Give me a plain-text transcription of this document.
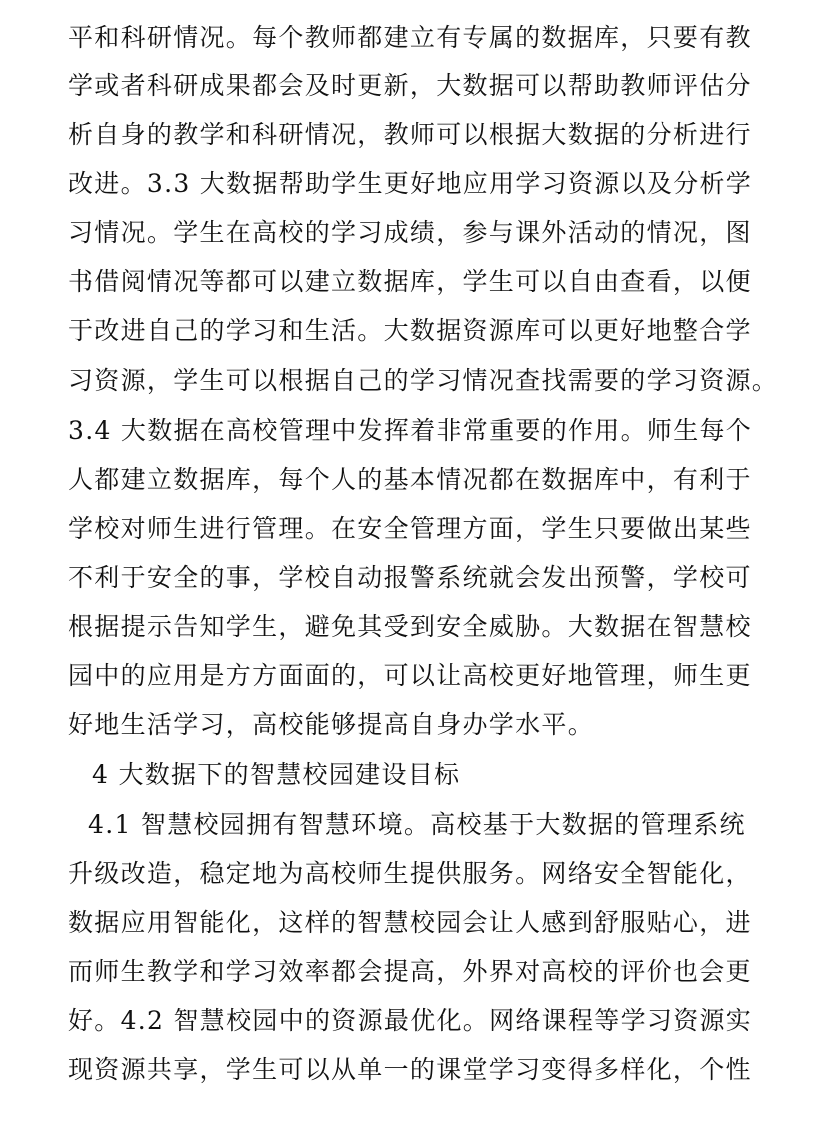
平和科研情况。每个教师都建立有专属的数据库，只要有教
学或者科研成果都会及时更新，大数据可以帮助教师评估分
析自身的教学和科研情况，教师可以根据大数据的分析进行
改进。3.3 大数据帮助学生更好地应用学习资源以及分析学
习情况。学生在高校的学习成绩，参与课外活动的情况，图
书借阅情况等都可以建立数据库，学生可以自由查看，以便
于改进自己的学习和生活。大数据资源库可以更好地整合学
习资源，学生可以根据自己的学习情况查找需要的学习资源。
3.4 大数据在高校管理中发挥着非常重要的作用。师生每个
人都建立数据库，每个人的基本情况都在数据库中，有利于
学校对师生进行管理。在安全管理方面，学生只要做出某些
不利于安全的事，学校自动报警系统就会发出预警，学校可
根据提示告知学生，避免其受到安全威胁。大数据在智慧校
园中的应用是方方面面的，可以让高校更好地管理，师生更
好地生活学习，高校能够提高自身办学水平。
4 大数据下的智慧校园建设目标
4.1 智慧校园拥有智慧环境。高校基于大数据的管理系统
升级改造，稳定地为高校师生提供服务。网络安全智能化，
数据应用智能化，这样的智慧校园会让人感到舒服贴心，进
而师生教学和学习效率都会提高，外界对高校的评价也会更
好。4.2 智慧校园中的资源最优化。网络课程等学习资源实
现资源共享，学生可以从单一的课堂学习变得多样化，个性
